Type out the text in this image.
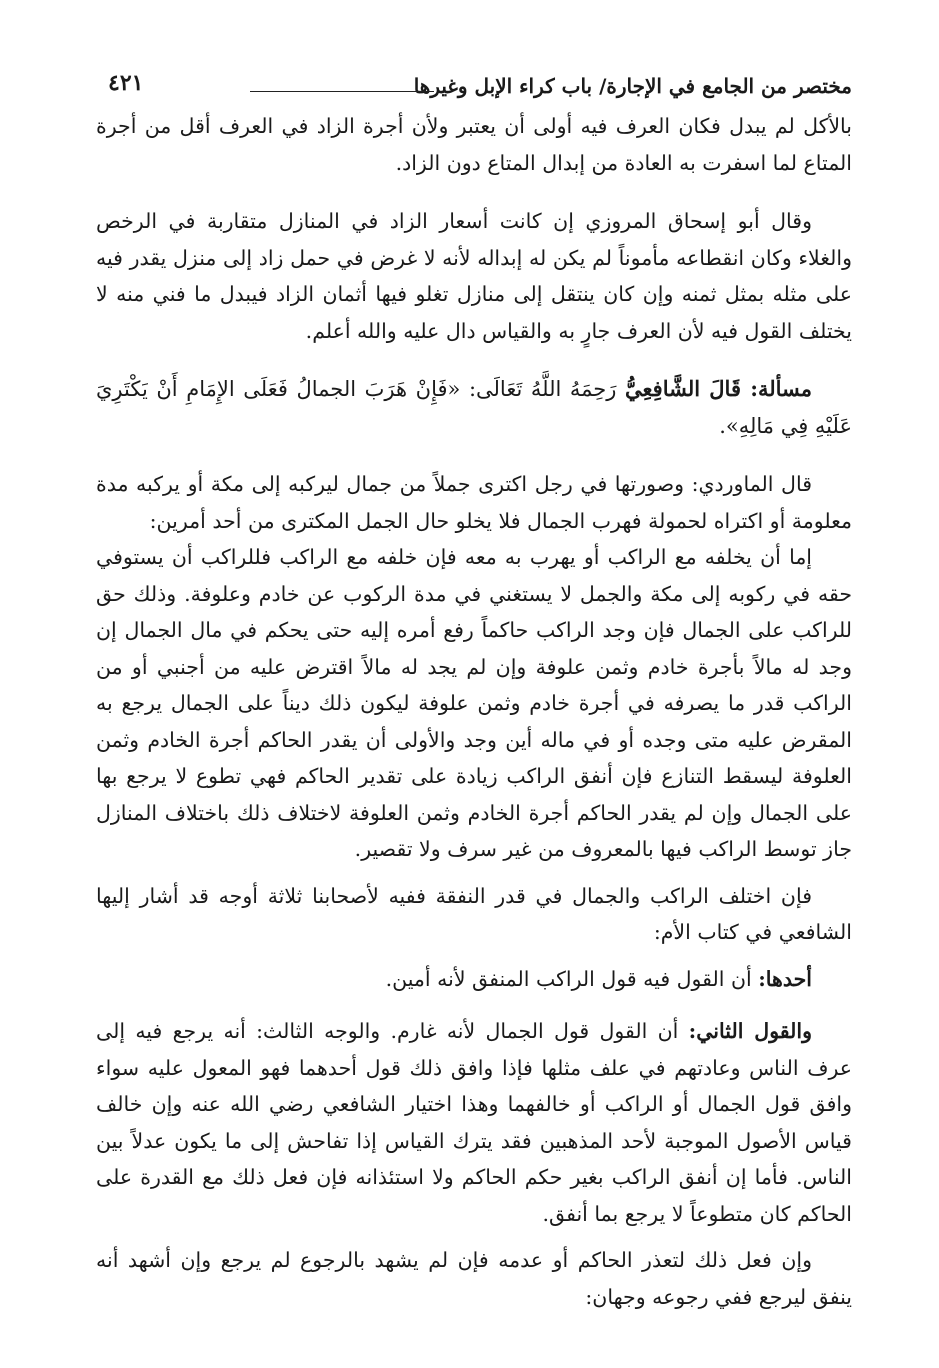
مختصر من الجامع في الإجارة/ باب كراء الإبل وغيرها
٤٢١

بالأكل لم يبدل فكان العرف فيه أولى أن يعتبر ولأن أجرة الزاد في العرف أقل من أجرة المتاع لما اسفرت به العادة من إبدال المتاع دون الزاد.

وقال أبو إسحاق المروزي إن كانت أسعار الزاد في المنازل متقاربة في الرخص والغلاء وكان انقطاعه مأموناً لم يكن له إبداله لأنه لا غرض في حمل زاد إلى منزل يقدر فيه على مثله بمثل ثمنه وإن كان ينتقل إلى منازل تغلو فيها أثمان الزاد فيبدل ما فني منه لا يختلف القول فيه لأن العرف جارٍ به والقياس دال عليه والله أعلم.

مسألة: قَالَ الشَّافِعِيُّ رَحِمَهُ اللَّهُ تَعَالَى: «فَإِنْ هَرَبَ الجمالُ فَعَلَى الإِمَامِ أَنْ يَكْتَرِيَ عَلَيْهِ فِي مَالِهِ».

قال الماوردي: وصورتها في رجل اكترى جملاً من جمال ليركبه إلى مكة أو يركبه مدة معلومة أو اكتراه لحمولة فهرب الجمال فلا يخلو حال الجمل المكترى من أحد أمرين:

إما أن يخلفه مع الراكب أو يهرب به معه فإن خلفه مع الراكب فللراكب أن يستوفي حقه في ركوبه إلى مكة والجمل لا يستغني في مدة الركوب عن خادم وعلوفة. وذلك حق للراكب على الجمال فإن وجد الراكب حاكماً رفع أمره إليه حتى يحكم في مال الجمال إن وجد له مالاً بأجرة خادم وثمن علوفة وإن لم يجد له مالاً اقترض عليه من أجنبي أو من الراكب قدر ما يصرفه في أجرة خادم وثمن علوفة ليكون ذلك ديناً على الجمال يرجع به المقرض عليه متى وجده أو في ماله أين وجد والأولى أن يقدر الحاكم أجرة الخادم وثمن العلوفة ليسقط التنازع فإن أنفق الراكب زيادة على تقدير الحاكم فهي تطوع لا يرجع بها على الجمال وإن لم يقدر الحاكم أجرة الخادم وثمن العلوفة لاختلاف ذلك باختلاف المنازل جاز توسط الراكب فيها بالمعروف من غير سرف ولا تقصير.

فإن اختلف الراكب والجمال في قدر النفقة ففيه لأصحابنا ثلاثة أوجه قد أشار إليها الشافعي في كتاب الأم:

أحدها: أن القول فيه قول الراكب المنفق لأنه أمين.

والقول الثاني: أن القول قول الجمال لأنه غارم. والوجه الثالث: أنه يرجع فيه إلى عرف الناس وعادتهم في علف مثلها فإذا وافق ذلك قول أحدهما فهو المعول عليه سواء وافق قول الجمال أو الراكب أو خالفهما وهذا اختيار الشافعي رضي الله عنه وإن خالف قياس الأصول الموجبة لأحد المذهبين فقد يترك القياس إذا تفاحش إلى ما يكون عدلاً بين الناس. فأما إن أنفق الراكب بغير حكم الحاكم ولا استئذانه فإن فعل ذلك مع القدرة على الحاكم كان متطوعاً لا يرجع بما أنفق.

وإن فعل ذلك لتعذر الحاكم أو عدمه فإن لم يشهد بالرجوع لم يرجع وإن أشهد أنه ينفق ليرجع ففي رجوعه وجهان:
